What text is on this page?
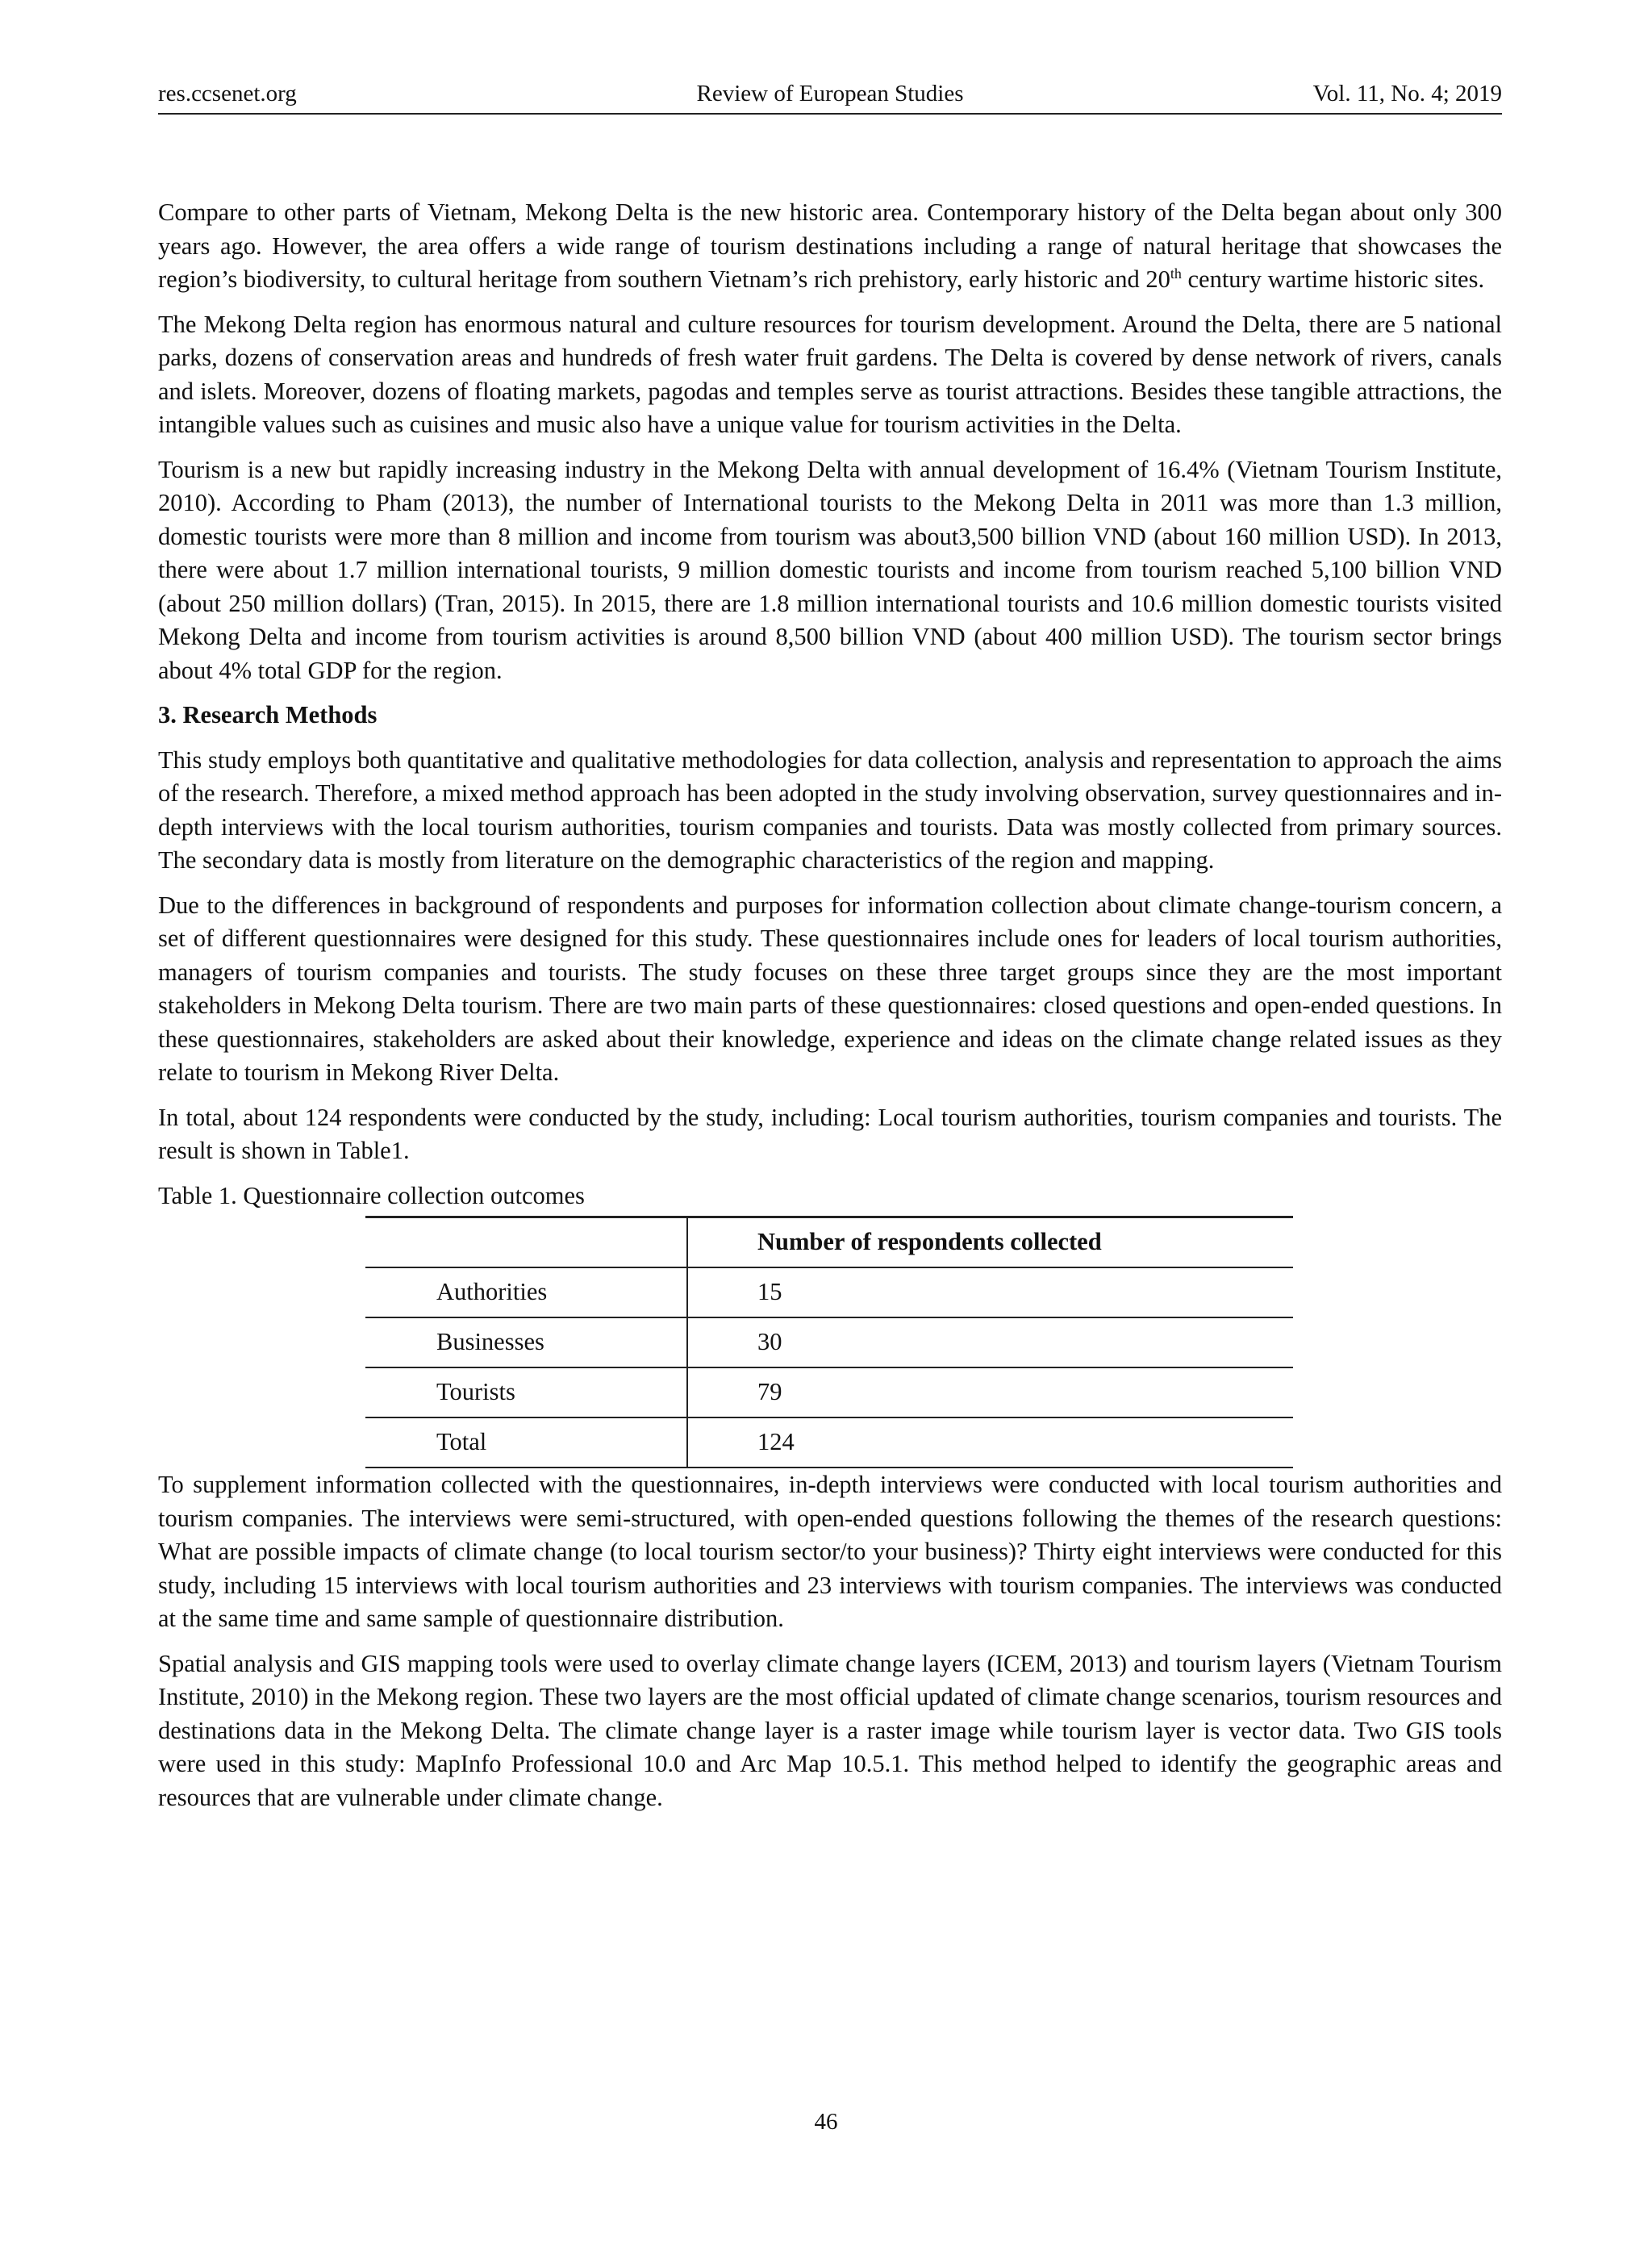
res.ccsenet.org	Review of European Studies	Vol. 11, No. 4; 2019

Compare to other parts of Vietnam, Mekong Delta is the new historic area. Contemporary history of the Delta began about only 300 years ago. However, the area offers a wide range of tourism destinations including a range of natural heritage that showcases the region’s biodiversity, to cultural heritage from southern Vietnam’s rich prehistory, early historic and 20th century wartime historic sites.

The Mekong Delta region has enormous natural and culture resources for tourism development. Around the Delta, there are 5 national parks, dozens of conservation areas and hundreds of fresh water fruit gardens. The Delta is covered by dense network of rivers, canals and islets. Moreover, dozens of floating markets, pagodas and temples serve as tourist attractions. Besides these tangible attractions, the intangible values such as cuisines and music also have a unique value for tourism activities in the Delta.

Tourism is a new but rapidly increasing industry in the Mekong Delta with annual development of 16.4% (Vietnam Tourism Institute, 2010). According to Pham (2013), the number of International tourists to the Mekong Delta in 2011 was more than 1.3 million, domestic tourists were more than 8 million and income from tourism was about3,500 billion VND (about 160 million USD). In 2013, there were about 1.7 million international tourists, 9 million domestic tourists and income from tourism reached 5,100 billion VND (about 250 million dollars) (Tran, 2015). In 2015, there are 1.8 million international tourists and 10.6 million domestic tourists visited Mekong Delta and income from tourism activities is around 8,500 billion VND (about 400 million USD). The tourism sector brings about 4% total GDP for the region.

3. Research Methods

This study employs both quantitative and qualitative methodologies for data collection, analysis and representation to approach the aims of the research. Therefore, a mixed method approach has been adopted in the study involving observation, survey questionnaires and in-depth interviews with the local tourism authorities, tourism companies and tourists. Data was mostly collected from primary sources. The secondary data is mostly from literature on the demographic characteristics of the region and mapping.

Due to the differences in background of respondents and purposes for information collection about climate change-tourism concern, a set of different questionnaires were designed for this study. These questionnaires include ones for leaders of local tourism authorities, managers of tourism companies and tourists. The study focuses on these three target groups since they are the most important stakeholders in Mekong Delta tourism. There are two main parts of these questionnaires: closed questions and open-ended questions. In these questionnaires, stakeholders are asked about their knowledge, experience and ideas on the climate change related issues as they relate to tourism in Mekong River Delta.

In total, about 124 respondents were conducted by the study, including: Local tourism authorities, tourism companies and tourists. The result is shown in Table1.

Table 1. Questionnaire collection outcomes
	Number of respondents collected
Authorities	15
Businesses	30
Tourists	79
Total	124

To supplement information collected with the questionnaires, in-depth interviews were conducted with local tourism authorities and tourism companies. The interviews were semi-structured, with open-ended questions following the themes of the research questions: What are possible impacts of climate change (to local tourism sector/to your business)? Thirty eight interviews were conducted for this study, including 15 interviews with local tourism authorities and 23 interviews with tourism companies. The interviews was conducted at the same time and same sample of questionnaire distribution.

Spatial analysis and GIS mapping tools were used to overlay climate change layers (ICEM, 2013) and tourism layers (Vietnam Tourism Institute, 2010) in the Mekong region. These two layers are the most official updated of climate change scenarios, tourism resources and destinations data in the Mekong Delta. The climate change layer is a raster image while tourism layer is vector data. Two GIS tools were used in this study: MapInfo Professional 10.0 and Arc Map 10.5.1. This method helped to identify the geographic areas and resources that are vulnerable under climate change.

46
